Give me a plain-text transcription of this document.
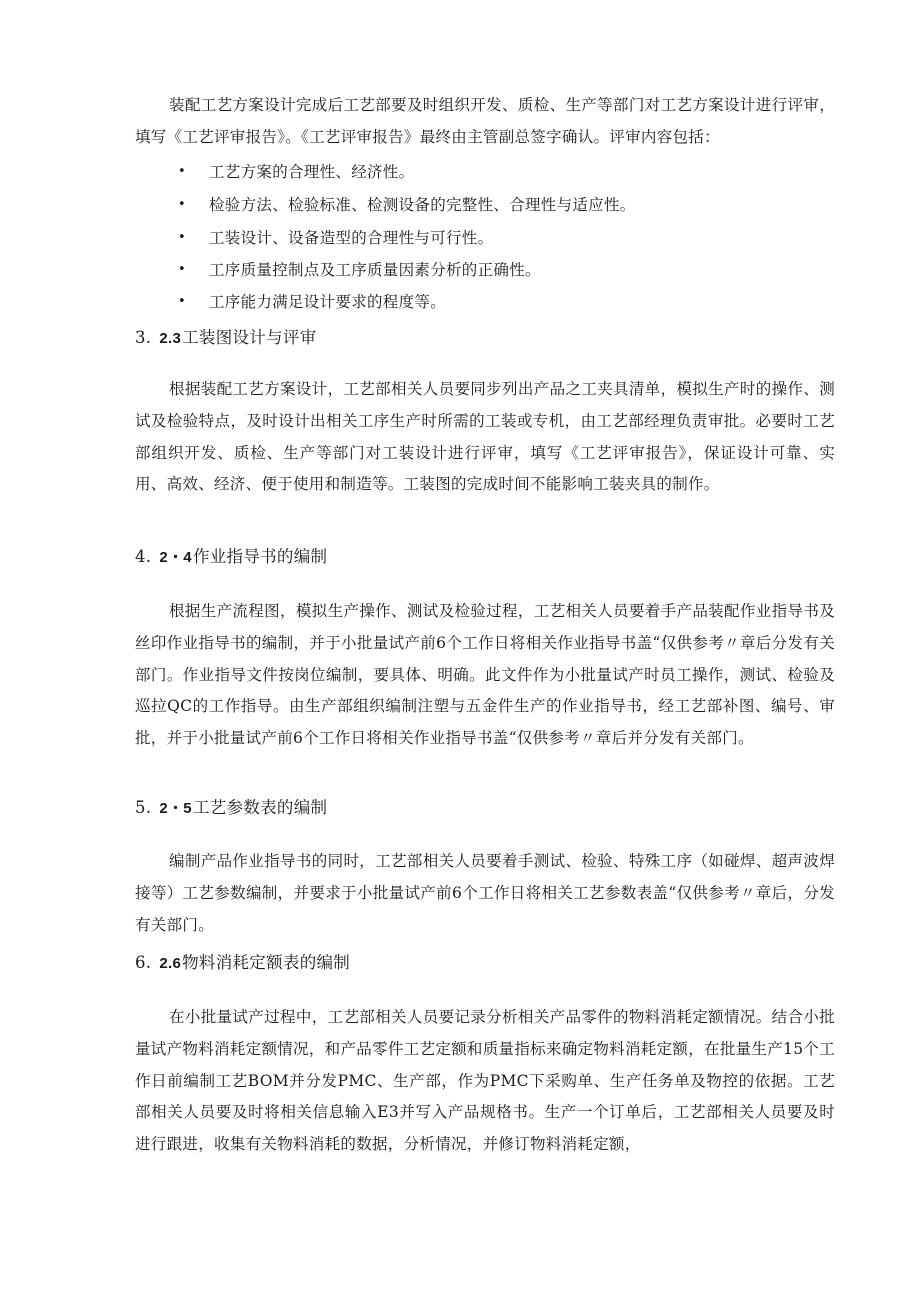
装配工艺方案设计完成后工艺部要及时组织开发、质检、生产等部门对工艺方案设计进行评审，填写《工艺评审报告》。《工艺评审报告》最终由主管副总签字确认。评审内容包括：

• 工艺方案的合理性、经济性。
• 检验方法、检验标准、检测设备的完整性、合理性与适应性。
• 工装设计、设备造型的合理性与可行性。
• 工序质量控制点及工序质量因素分析的正确性。
• 工序能力满足设计要求的程度等。
3. 2.3工装图设计与评审

根据装配工艺方案设计，工艺部相关人员要同步列出产品之工夹具清单，模拟生产时的操作、测试及检验特点，及时设计出相关工序生产时所需的工装或专机，由工艺部经理负责审批。必要时工艺部组织开发、质检、生产等部门对工装设计进行评审，填写《工艺评审报告》，保证设计可靠、实用、高效、经济、便于使用和制造等。工装图的完成时间不能影响工装夹具的制作。

4. 2・4作业指导书的编制

根据生产流程图，模拟生产操作、测试及检验过程，工艺相关人员要着手产品装配作业指导书及丝印作业指导书的编制，并于小批量试产前6个工作日将相关作业指导书盖“仅供参考〃章后分发有关部门。作业指导文件按岗位编制，要具体、明确。此文件作为小批量试产时员工操作，测试、检验及巡拉QC的工作指导。由生产部组织编制注塑与五金件生产的作业指导书，经工艺部补图、编号、审批，并于小批量试产前6个工作日将相关作业指导书盖“仅供参考〃章后并分发有关部门。

5. 2・5工艺参数表的编制

编制产品作业指导书的同时，工艺部相关人员要着手测试、检验、特殊工序（如碰焊、超声波焊接等）工艺参数编制，并要求于小批量试产前6个工作日将相关工艺参数表盖“仅供参考〃章后，分发有关部门。

6. 2.6物料消耗定额表的编制

在小批量试产过程中，工艺部相关人员要记录分析相关产品零件的物料消耗定额情况。结合小批量试产物料消耗定额情况，和产品零件工艺定额和质量指标来确定物料消耗定额，在批量生产15个工作日前编制工艺BOM并分发PMC、生产部，作为PMC下采购单、生产任务单及物控的依据。工艺部相关人员要及时将相关信息输入E3并写入产品规格书。生产一个订单后，工艺部相关人员要及时进行跟进，收集有关物料消耗的数据，分析情况，并修订物料消耗定额，
